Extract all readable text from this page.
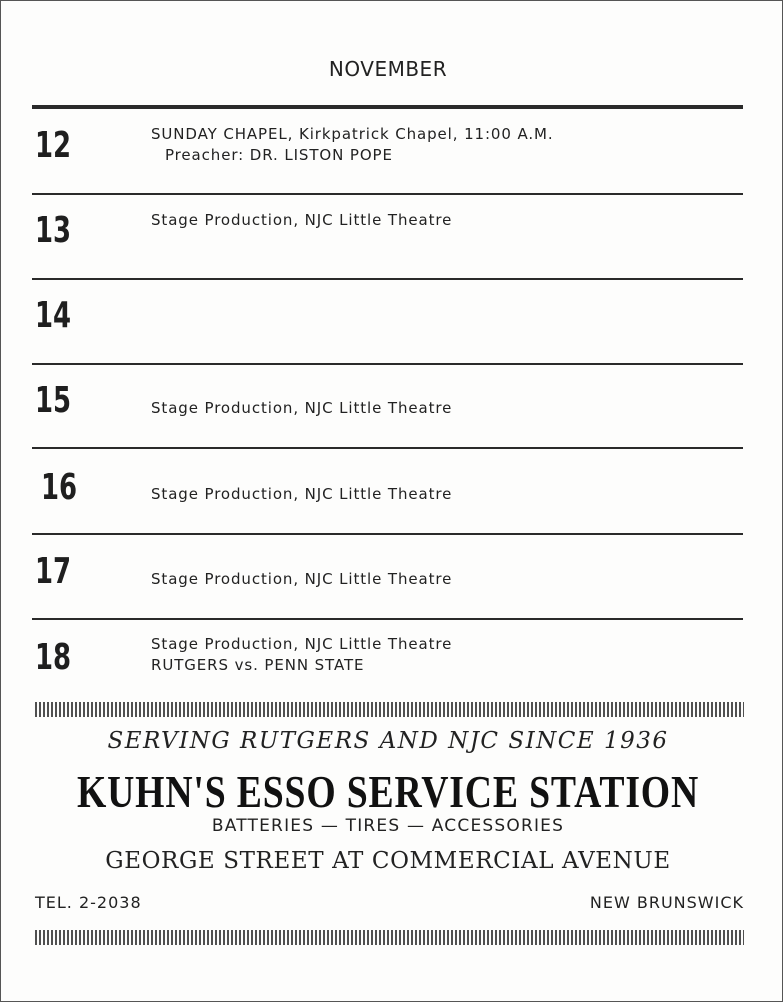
NOVEMBER
12	SUNDAY CHAPEL, Kirkpatrick Chapel, 11:00 A.M.
Preacher: DR. LISTON POPE
13	Stage Production, NJC Little Theatre
14
15	Stage Production, NJC Little Theatre
16	Stage Production, NJC Little Theatre
17	Stage Production, NJC Little Theatre
18	Stage Production, NJC Little Theatre
RUTGERS vs. PENN STATE
SERVING RUTGERS AND NJC SINCE 1936
KUHN'S ESSO SERVICE STATION
BATTERIES — TIRES — ACCESSORIES
GEORGE STREET AT COMMERCIAL AVENUE
TEL. 2-2038	NEW BRUNSWICK
